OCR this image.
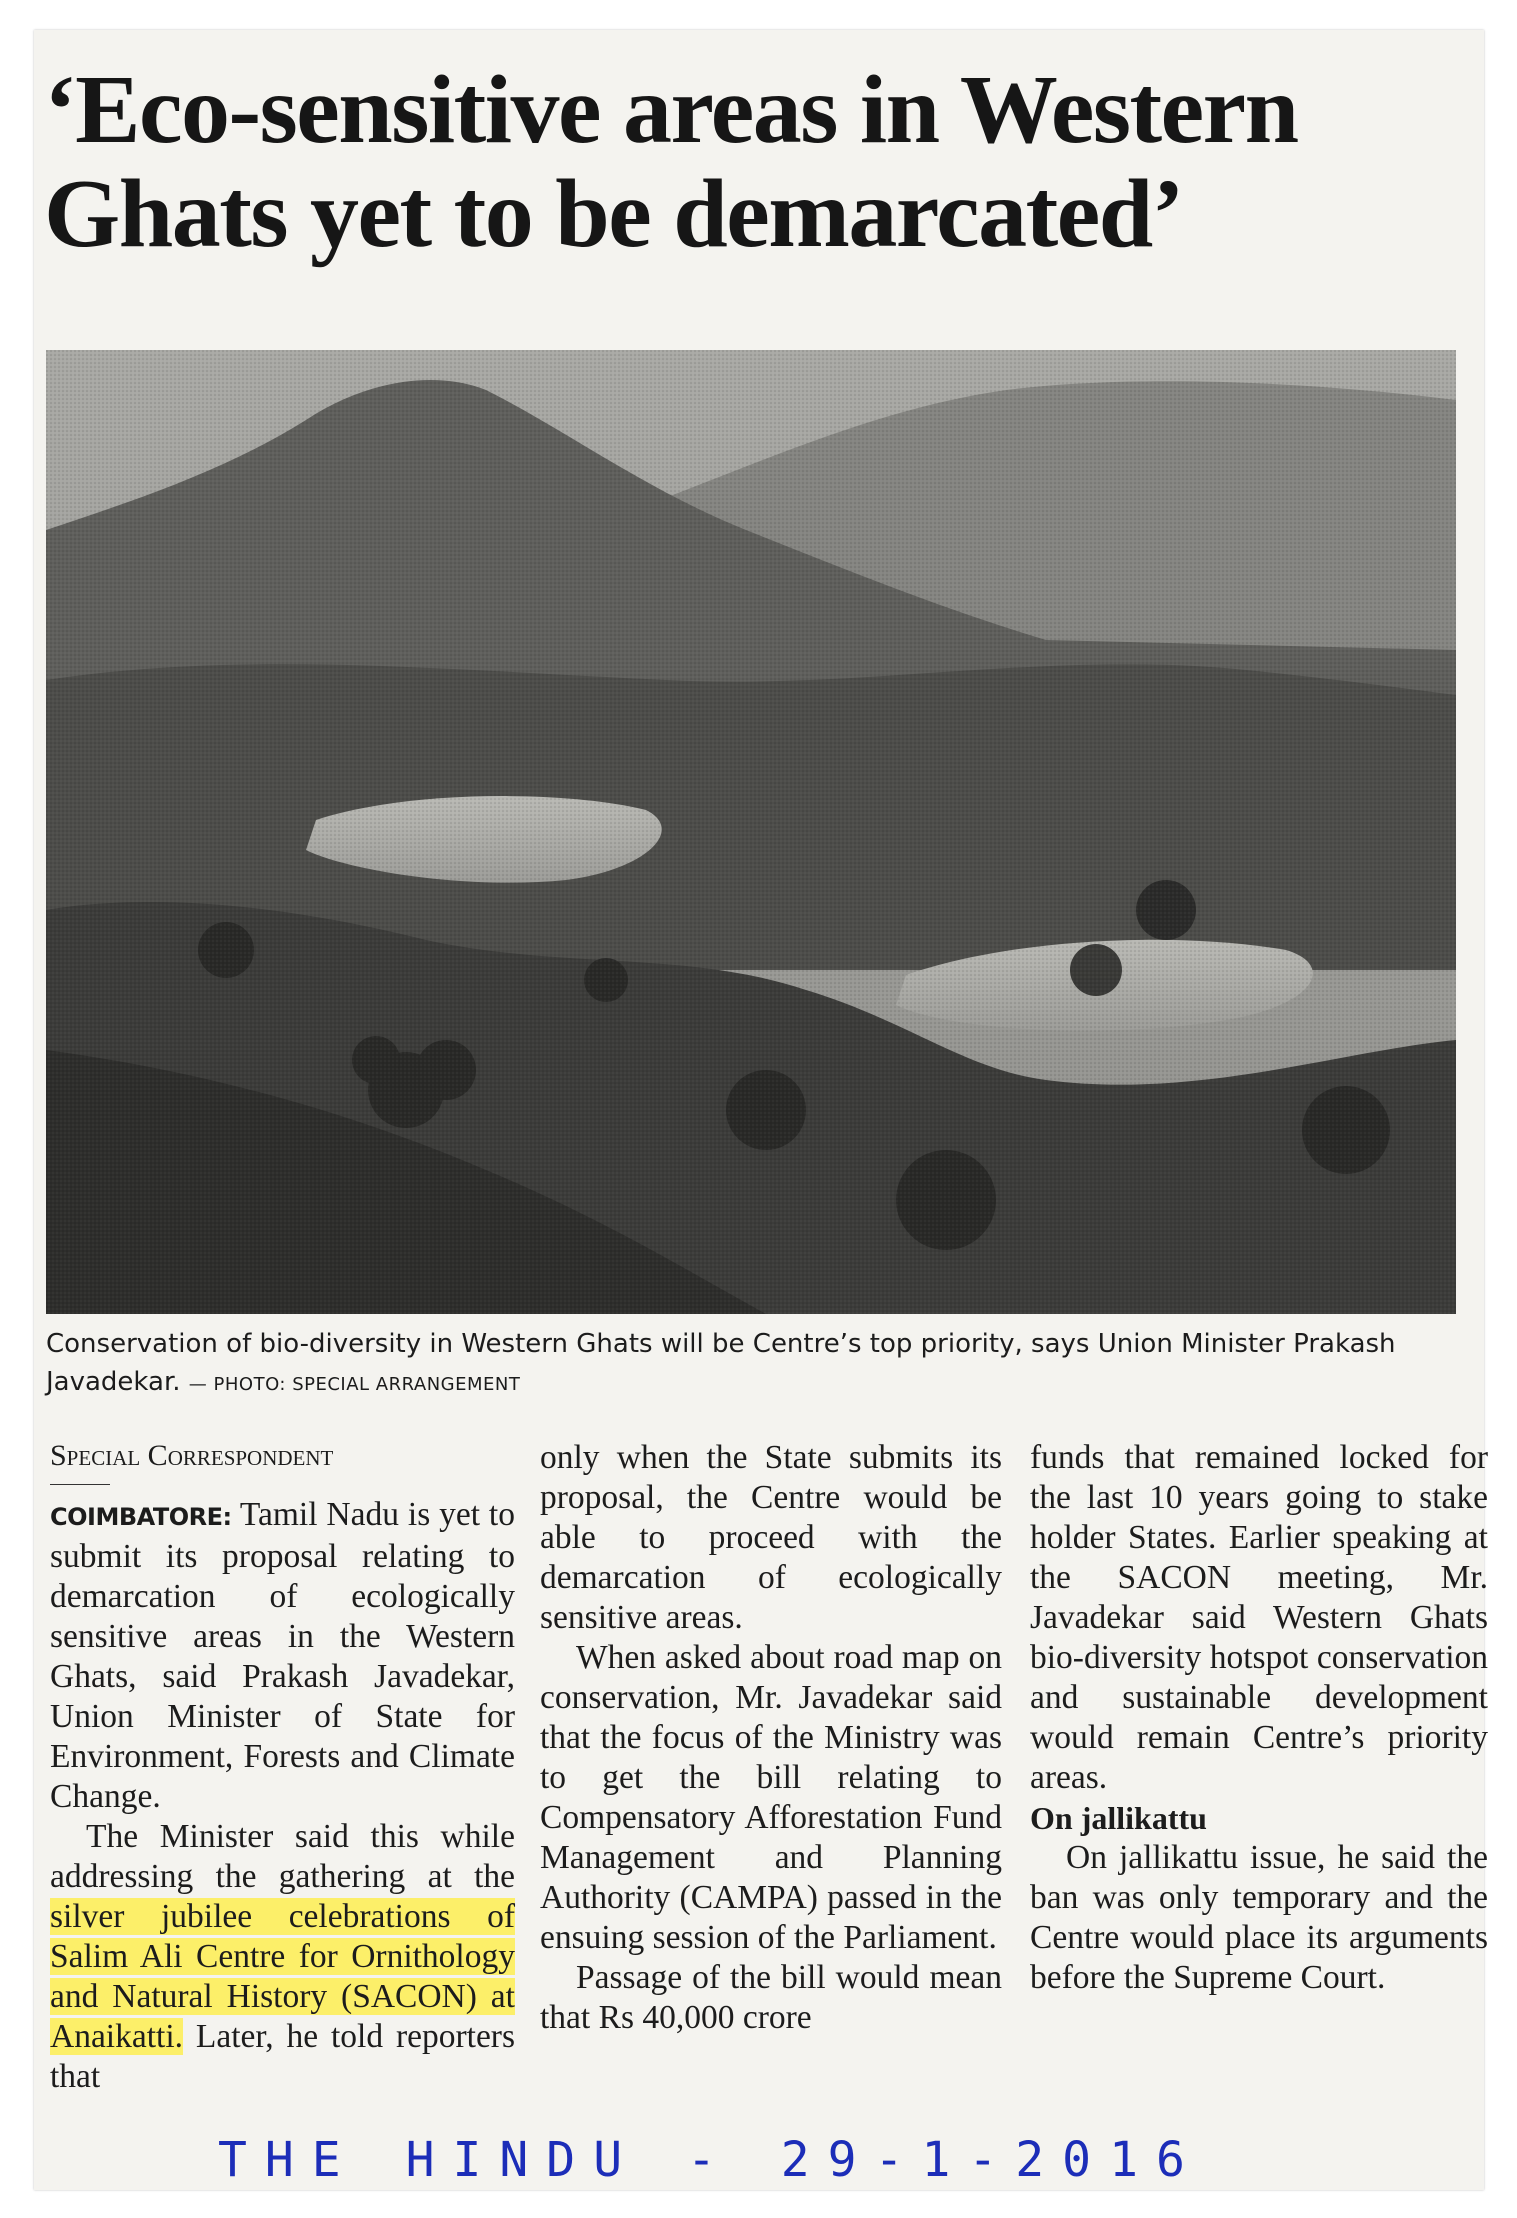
‘Eco-sensitive areas in Western Ghats yet to be demarcated’
Conservation of bio-diversity in Western Ghats will be Centre’s top priority, says Union Minister Prakash Javadekar. — PHOTO: SPECIAL ARRANGEMENT

Special Correspondent

COIMBATORE: Tamil Nadu is yet to submit its proposal relating to demarcation of ecologically sensitive areas in the Western Ghats, said Prakash Javadekar, Union Minister of State for Environment, Forests and Climate Change.

The Minister said this while addressing the gathering at the silver jubilee celebrations of Salim Ali Centre for Ornithology and Natural History (SACON) at Anaikatti. Later, he told reporters that

only when the State submits its proposal, the Centre would be able to proceed with the demarcation of ecologically sensitive areas.

When asked about road map on conservation, Mr. Javadekar said that the focus of the Ministry was to get the bill relating to Compensatory Afforestation Fund Management and Planning Authority (CAMPA) passed in the ensuing session of the Parliament.

Passage of the bill would mean that Rs 40,000 crore

funds that remained locked for the last 10 years going to stake holder States. Earlier speaking at the SACON meeting, Mr. Javadekar said Western Ghats bio-diversity hotspot conservation and sustainable development would remain Centre’s priority areas.

On jallikattu

On jallikattu issue, he said the ban was only temporary and the Centre would place its arguments before the Supreme Court.

THE HINDU - 29-1-2016
